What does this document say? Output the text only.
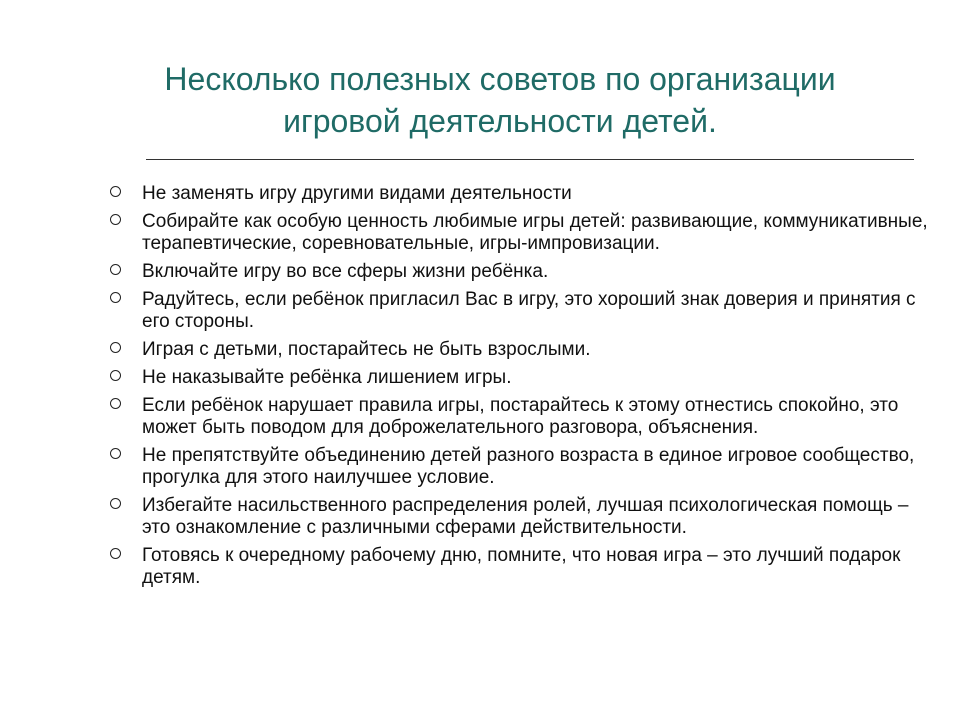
Несколько полезных советов по организации
игровой деятельности детей.
Не заменять игру другими видами деятельности
Собирайте как особую ценность любимые игры детей: развивающие, коммуникативные, терапевтические, соревновательные, игры-импровизации.
Включайте игру во все сферы жизни ребёнка.
Радуйтесь, если ребёнок пригласил Вас в игру, это хороший знак доверия и принятия с его стороны.
Играя с детьми, постарайтесь не быть взрослыми.
Не наказывайте ребёнка лишением игры.
Если ребёнок нарушает правила игры, постарайтесь к этому отнестись спокойно, это может быть поводом для доброжелательного разговора, объяснения.
Не препятствуйте объединению детей разного возраста в единое игровое сообщество, прогулка для этого наилучшее условие.
Избегайте насильственного распределения ролей, лучшая психологическая помощь – это ознакомление с различными сферами действительности.
Готовясь к очередному рабочему дню, помните, что новая игра – это лучший подарок детям.
